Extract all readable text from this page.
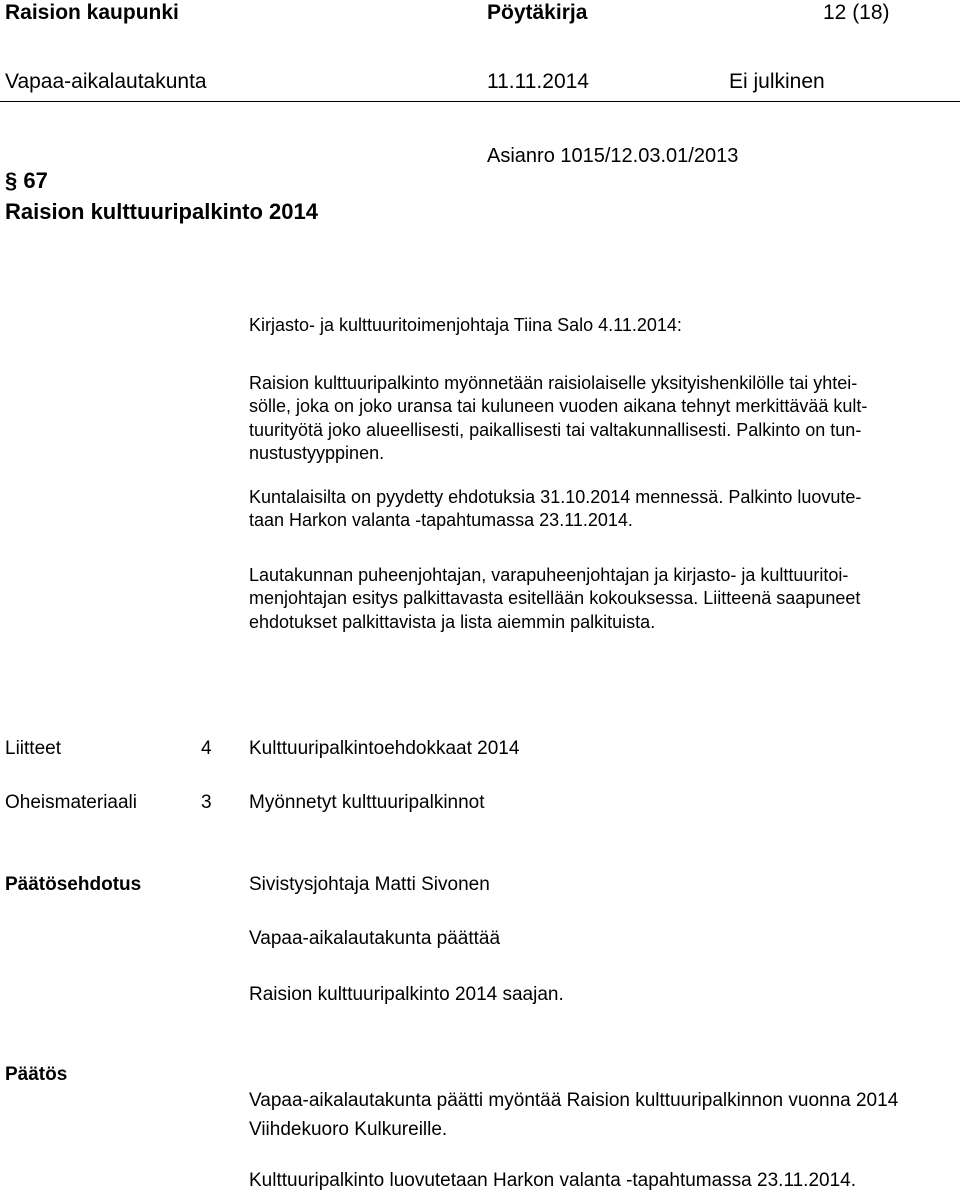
Raision kaupunki	Pöytäkirja	12 (18)
Vapaa-aikalautakunta	11.11.2014	Ei julkinen
Asianro 1015/12.03.01/2013
§ 67
Raision kulttuuripalkinto 2014
Kirjasto- ja kulttuuritoimenjohtaja Tiina Salo 4.11.2014:
Raision kulttuuripalkinto myönnetään raisiolaiselle yksityishenkilölle tai yhtei-
sölle, joka on joko uransa tai kuluneen vuoden aikana tehnyt merkittävää kult-
tuurityötä joko alueellisesti, paikallisesti tai valtakunnallisesti. Palkinto on tun-
nustustyyppinen.
Kuntalaisilta on pyydetty ehdotuksia 31.10.2014 mennessä. Palkinto luovute-
taan Harkon valanta -tapahtumassa 23.11.2014.
Lautakunnan puheenjohtajan, varapuheenjohtajan ja kirjasto- ja kulttuuritoi-
menjohtajan esitys palkittavasta esitellään kokouksessa. Liitteenä saapuneet
ehdotukset palkittavista ja lista aiemmin palkituista.
Liitteet	4 Kulttuuripalkintoehdokkaat 2014
Oheismateriaali	3 Myönnetyt kulttuuripalkinnot
Päätösehdotus	Sivistysjohtaja Matti Sivonen
Vapaa-aikalautakunta päättää
Raision kulttuuripalkinto 2014 saajan.
Päätös
Vapaa-aikalautakunta päätti myöntää Raision kulttuuripalkinnon vuonna 2014
Viihdekuoro Kulkureille.
Kulttuuripalkinto luovutetaan Harkon valanta -tapahtumassa 23.11.2014.
